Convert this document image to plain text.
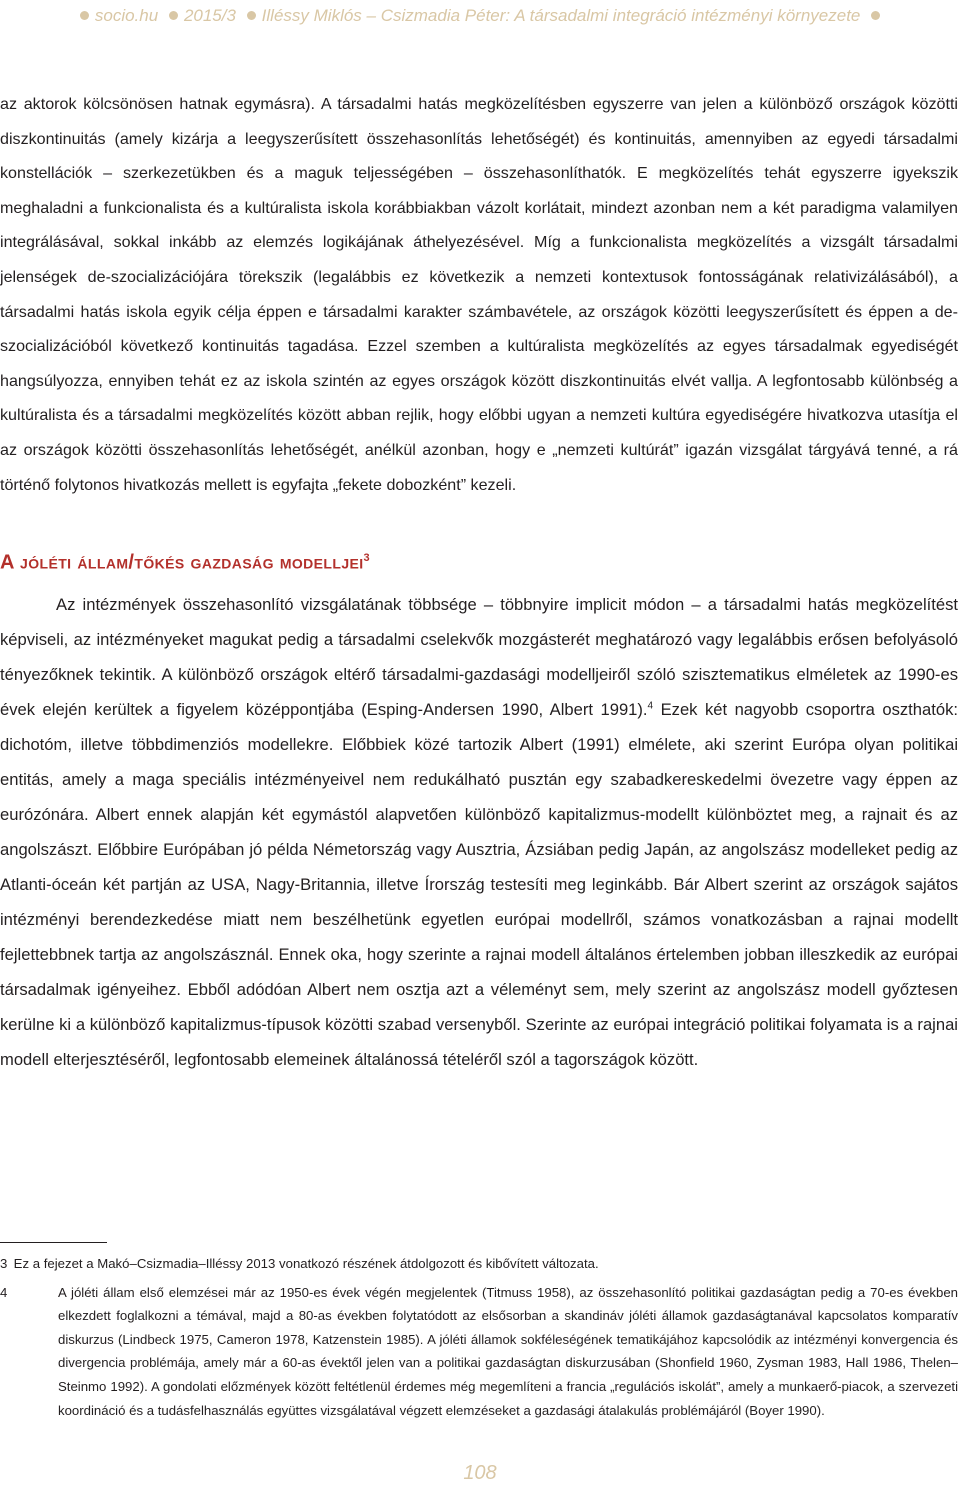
socio.hu 2015/3 Illéssy Miklós – Csizmadia Péter: A társadalmi integráció intézményi környezete

az aktorok kölcsönösen hatnak egymásra). A társadalmi hatás megközelítésben egyszerre van jelen a különböző országok közötti diszkontinuitás (amely kizárja a leegyszerűsített összehasonlítás lehetőségét) és kontinuitás, amennyiben az egyedi társadalmi konstellációk – szerkezetükben és a maguk teljességében – összehasonlíthatók. E megközelítés tehát egyszerre igyekszik meghaladni a funkcionalista és a kultúralista iskola korábbiakban vázolt korlátait, mindezt azonban nem a két paradigma valamilyen integrálásával, sokkal inkább az elemzés logikájának áthelyezésével. Míg a funkcionalista megközelítés a vizsgált társadalmi jelenségek de-szocializációjára törekszik (legalábbis ez következik a nemzeti kontextusok fontosságának relativizálásából), a társadalmi hatás iskola egyik célja éppen e társadalmi karakter számbavétele, az országok közötti leegyszerűsített és éppen a de-szocializációból következő kontinuitás tagadása. Ezzel szemben a kultúralista megközelítés az egyes társadalmak egyediségét hangsúlyozza, ennyiben tehát ez az iskola szintén az egyes országok között diszkontinuitás elvét vallja. A legfontosabb különbség a kultúralista és a társadalmi megközelítés között abban rejlik, hogy előbbi ugyan a nemzeti kultúra egyediségére hivatkozva utasítja el az országok közötti összehasonlítás lehetőségét, anélkül azonban, hogy e „nemzeti kultúrát” igazán vizsgálat tárgyává tenné, a rá történő folytonos hivatkozás mellett is egyfajta „fekete dobozként” kezeli.

A jóléti állam/tőkés gazdaság modelljei$^3$

Az intézmények összehasonlító vizsgálatának többsége – többnyire implicit módon – a társadalmi hatás megközelítést képviseli, az intézményeket magukat pedig a társadalmi cselekvők mozgásterét meghatározó vagy legalábbis erősen befolyásoló tényezőknek tekintik. A különböző országok eltérő társadalmi-gazdasági modelljeiről szóló szisztematikus elméletek az 1990-es évek elején kerültek a figyelem középpontjába (Esping-Andersen 1990, Albert 1991).$^4$ Ezek két nagyobb csoportra oszthatók: dichotóm, illetve többdimenziós modellekre. Előbbiek közé tartozik Albert (1991) elmélete, aki szerint Európa olyan politikai entitás, amely a maga speciális intézményeivel nem redukálható pusztán egy szabadkereskedelmi övezetre vagy éppen az eurózónára. Albert ennek alapján két egymástól alapvetően különböző kapitalizmus-modellt különböztet meg, a rajnait és az angolszászt. Előbbire Európában jó példa Németország vagy Ausztria, Ázsiában pedig Japán, az angolszász modelleket pedig az Atlanti-óceán két partján az USA, Nagy-Britannia, illetve Írország testesíti meg leginkább. Bár Albert szerint az országok sajátos intézményi berendezkedése miatt nem beszélhetünk egyetlen európai modellről, számos vonatkozásban a rajnai modellt fejlettebbnek tartja az angolszásznál. Ennek oka, hogy szerinte a rajnai modell általános értelemben jobban illeszkedik az európai társadalmak igényeihez. Ebből adódóan Albert nem osztja azt a véleményt sem, mely szerint az angolszász modell győztesen kerülne ki a különböző kapitalizmus-típusok közötti szabad versenyből. Szerinte az európai integráció politikai folyamata is a rajnai modell elterjesztéséről, legfontosabb elemeinek általánossá tételéről szól a tagországok között.

3 Ez a fejezet a Makó–Csizmadia–Illéssy 2013 vonatkozó részének átdolgozott és kibővített változata.

4	A jóléti állam első elemzései már az 1950-es évek végén megjelentek (Titmuss 1958), az összehasonlító politikai gazdaságtan pedig a 70-es években elkezdett foglalkozni a témával, majd a 80-as években folytatódott az elsősorban a skandináv jóléti államok gazdaságtanával kapcsolatos komparatív diskurzus (Lindbeck 1975, Cameron 1978, Katzenstein 1985). A jóléti államok sokféleségének tematikájához kapcsolódik az intézményi konvergencia és divergencia problémája, amely már a 60-as évektől jelen van a politikai gazdaságtan diskurzusában (Shonfield 1960, Zysman 1983, Hall 1986, Thelen–Steinmo 1992). A gondolati előzmények között feltétlenül érdemes még megemlíteni a francia „regulációs iskolát”, amely a munkaerő-piacok, a szervezeti koordináció és a tudásfelhasználás együttes vizsgálatával végzett elemzéseket a gazdasági átalakulás problémájáról (Boyer 1990).

108
